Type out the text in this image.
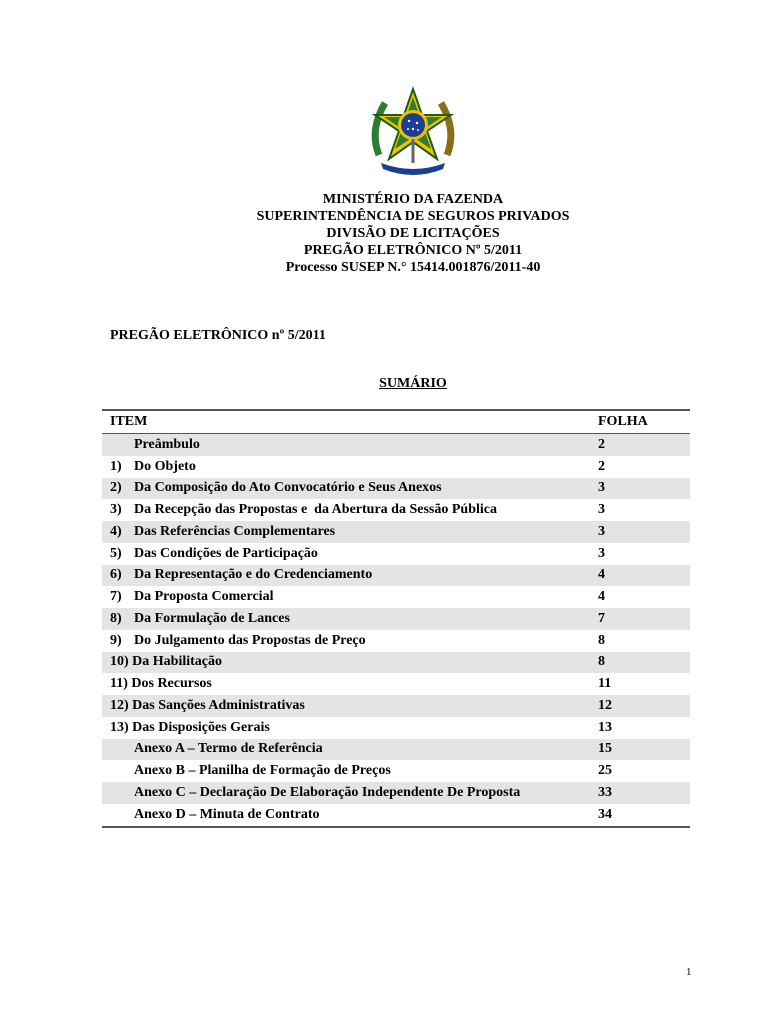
MINISTÉRIO DA FAZENDA
SUPERINTENDÊNCIA DE SEGUROS PRIVADOS
DIVISÃO DE LICITAÇÕES
PREGÃO ELETRÔNICO Nº 5/2011
Processo SUSEP N.° 15414.001876/2011-40
PREGÃO ELETRÔNICO nº 5/2011
SUMÁRIO
ITEM	FOLHA
Preâmbulo	2
1) Do Objeto	2
2) Da Composição do Ato Convocatório e Seus Anexos	3
3) Da Recepção das Propostas e  da Abertura da Sessão Pública	3
4) Das Referências Complementares	3
5) Das Condições de Participação	3
6) Da Representação e do Credenciamento	4
7) Da Proposta Comercial	4
8) Da Formulação de Lances	7
9) Do Julgamento das Propostas de Preço	8
10) Da Habilitação	8
11) Dos Recursos	11
12) Das Sanções Administrativas	12
13) Das Disposições Gerais	13
Anexo A – Termo de Referência	15
Anexo B – Planilha de Formação de Preços	25
Anexo C – Declaração De Elaboração Independente De Proposta	33
Anexo D – Minuta de Contrato	34
1
